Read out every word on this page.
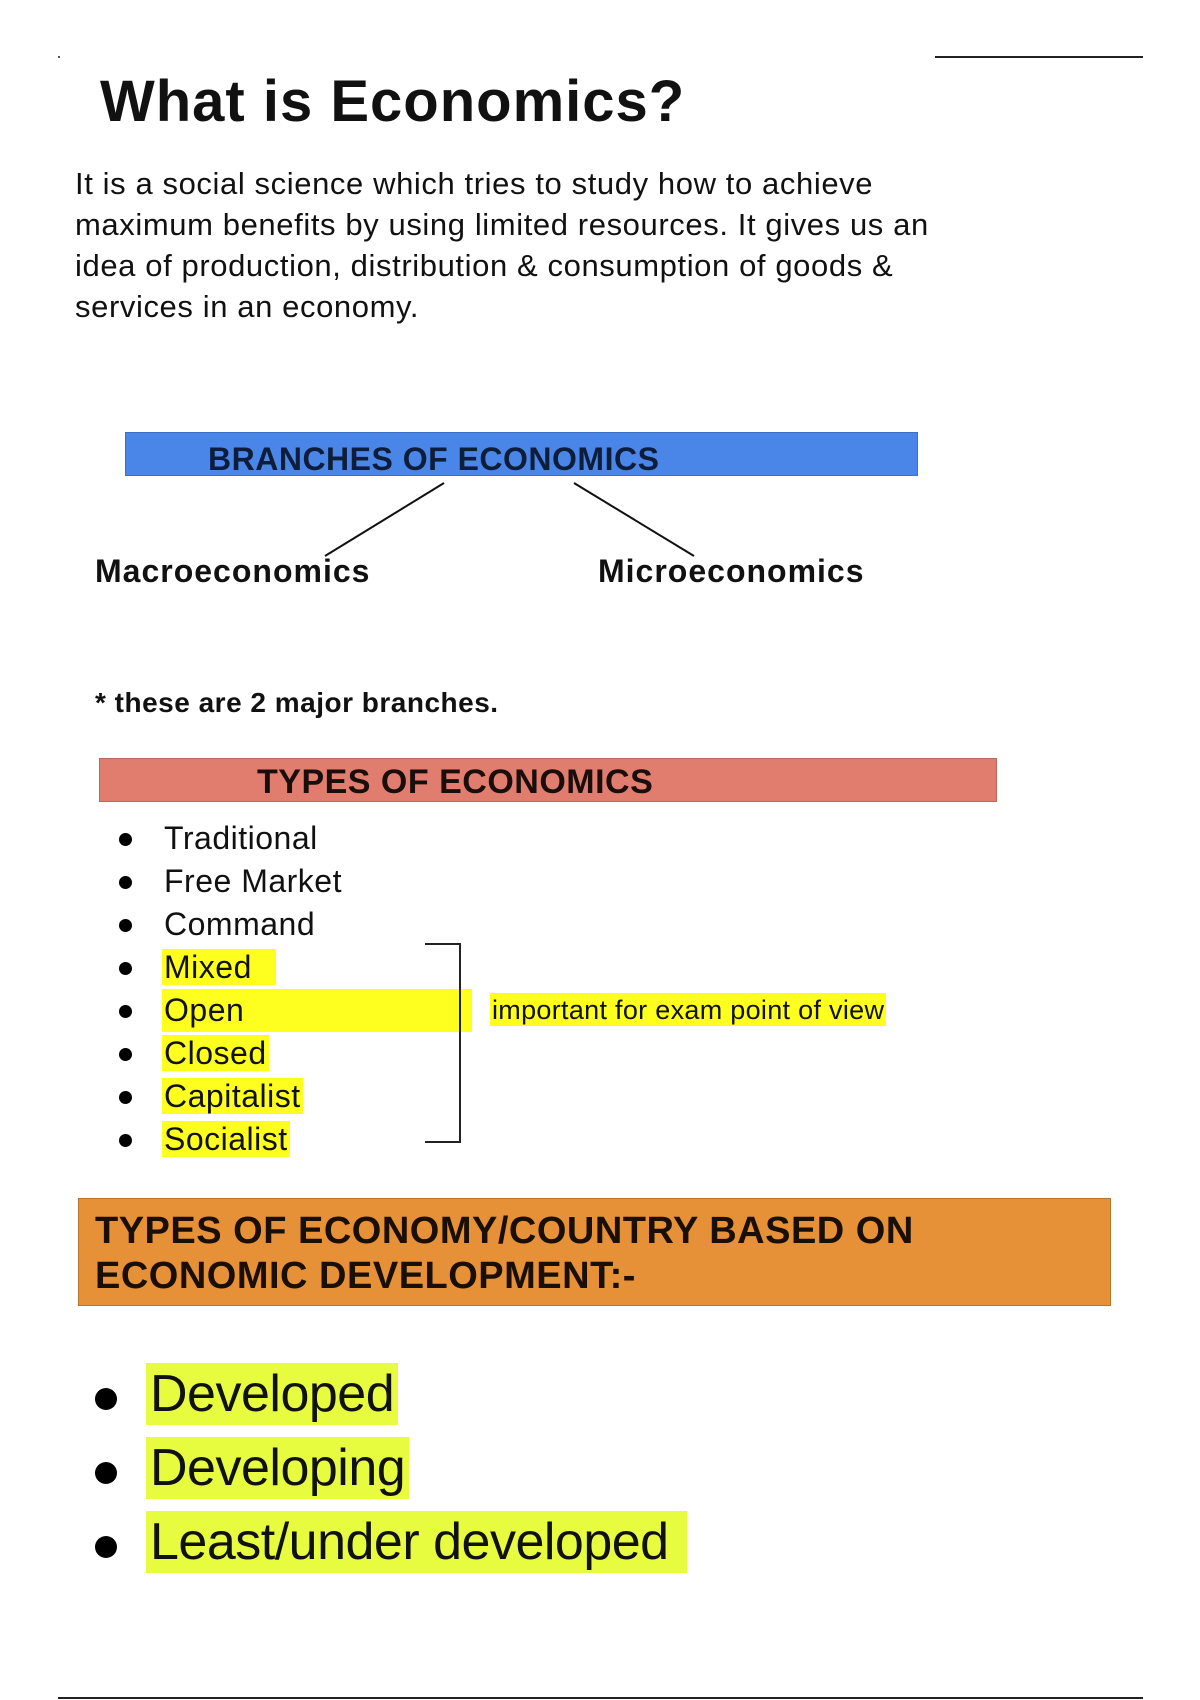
What is Economics?
It is a social science which tries to study how to achieve maximum benefits by using limited resources. It gives us an idea of production, distribution & consumption of goods & services in an economy.
BRANCHES OF ECONOMICS
Macroeconomics	Microeconomics
* these are 2 major branches.
TYPES OF ECONOMICS
Traditional
Free Market
Command
Mixed
Open
Closed
Capitalist
Socialist
important for exam point of view
TYPES OF ECONOMY/COUNTRY BASED ON ECONOMIC DEVELOPMENT:-
Developed
Developing
Least/under developed
